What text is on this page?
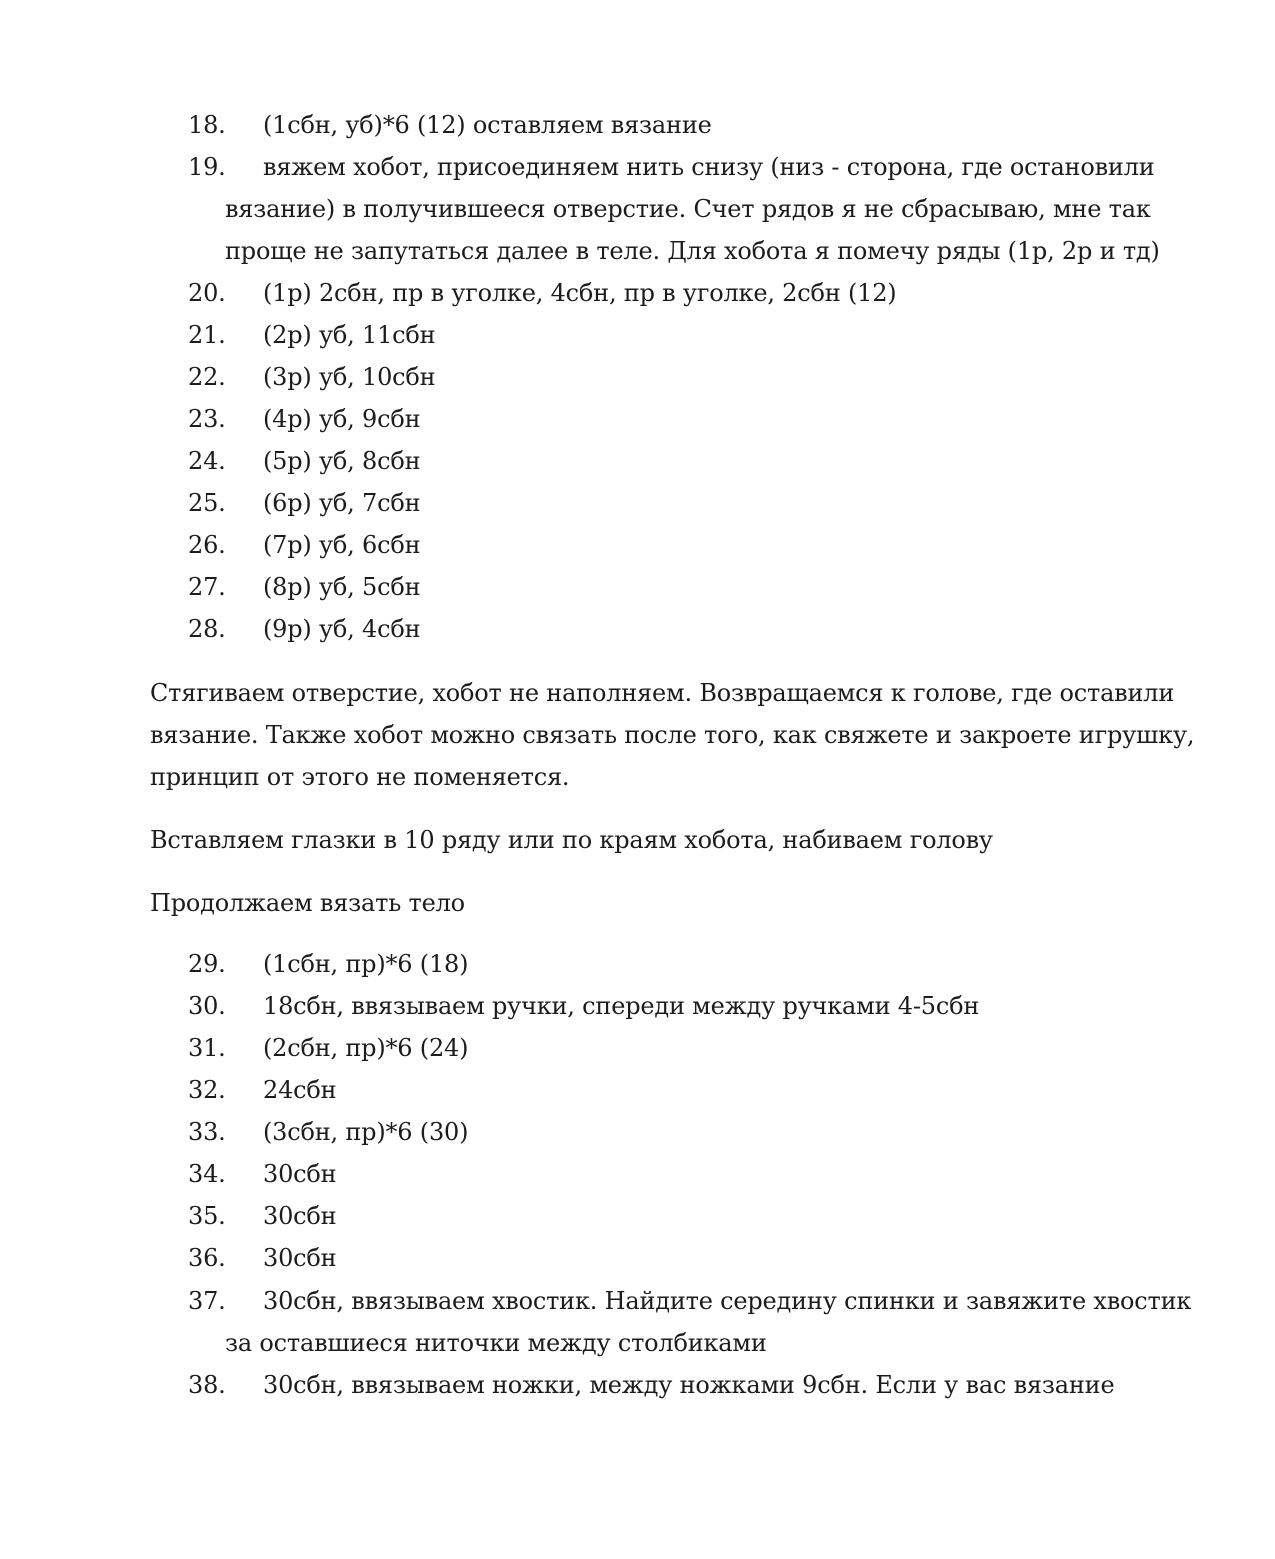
18. (1сбн, уб)*6 (12) оставляем вязание
19. вяжем хобот, присоединяем нить снизу (низ - сторона, где остановили
вязание) в получившееся отверстие. Счет рядов я не сбрасываю, мне так
проще не запутаться далее в теле. Для хобота я помечу ряды (1р, 2р и тд)
20. (1р) 2сбн, пр в уголке, 4сбн, пр в уголке, 2сбн (12)
21. (2р) уб, 11сбн
22. (3р) уб, 10сбн
23. (4р) уб, 9сбн
24. (5р) уб, 8сбн
25. (6р) уб, 7сбн
26. (7р) уб, 6сбн
27. (8р) уб, 5сбн
28. (9р) уб, 4сбн
Стягиваем отверстие, хобот не наполняем. Возвращаемся к голове, где оставили
вязание. Также хобот можно связать после того, как свяжете и закроете игрушку,
принцип от этого не поменяется.
Вставляем глазки в 10 ряду или по краям хобота, набиваем голову
Продолжаем вязать тело
29. (1сбн, пр)*6 (18)
30. 18сбн, ввязываем ручки, спереди между ручками 4-5сбн
31. (2сбн, пр)*6 (24)
32. 24сбн
33. (3сбн, пр)*6 (30)
34. 30сбн
35. 30сбн
36. 30сбн
37. 30сбн, ввязываем хвостик. Найдите середину спинки и завяжите хвостик
за оставшиеся ниточки между столбиками
38. 30сбн, ввязываем ножки, между ножками 9сбн. Если у вас вязание
